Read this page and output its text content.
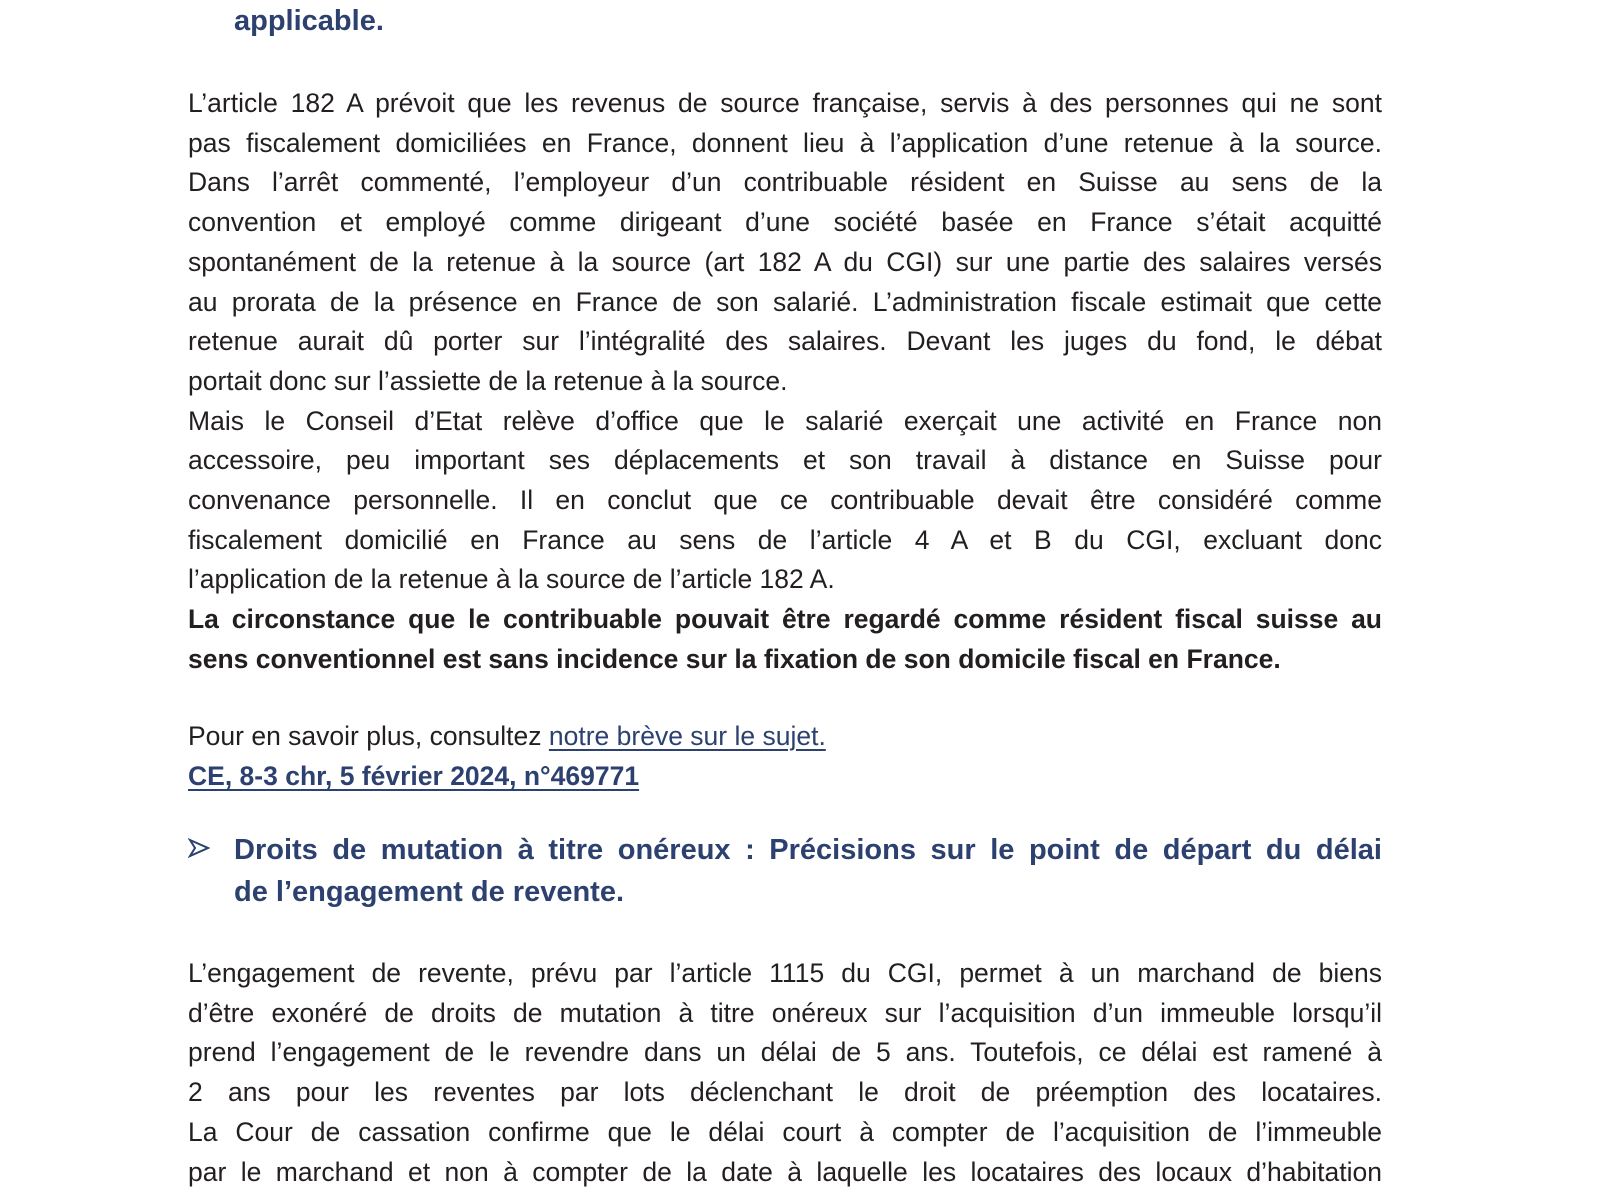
applicable.
L’article 182 A prévoit que les revenus de source française, servis à des personnes qui ne sont
pas fiscalement domiciliées en France, donnent lieu à l’application d’une retenue à la source.
Dans l’arrêt commenté, l’employeur d’un contribuable résident en Suisse au sens de la
convention et employé comme dirigeant d’une société basée en France s’était acquitté
spontanément de la retenue à la source (art 182 A du CGI) sur une partie des salaires versés
au prorata de la présence en France de son salarié. L’administration fiscale estimait que cette
retenue aurait dû porter sur l’intégralité des salaires. Devant les juges du fond, le débat
portait donc sur l’assiette de la retenue à la source.
Mais le Conseil d’Etat relève d’office que le salarié exerçait une activité en France non
accessoire, peu important ses déplacements et son travail à distance en Suisse pour
convenance personnelle. Il en conclut que ce contribuable devait être considéré comme
fiscalement domicilié en France au sens de l’article 4 A et B du CGI, excluant donc
l’application de la retenue à la source de l’article 182 A.
La circonstance que le contribuable pouvait être regardé comme résident fiscal suisse au
sens conventionnel est sans incidence sur la fixation de son domicile fiscal en France.
Pour en savoir plus, consultez notre brève sur le sujet.
CE, 8-3 chr, 5 février 2024, n°469771
Droits de mutation à titre onéreux : Précisions sur le point de départ du délai
de l’engagement de revente.
L’engagement de revente, prévu par l’article 1115 du CGI, permet à un marchand de biens
d’être exonéré de droits de mutation à titre onéreux sur l’acquisition d’un immeuble lorsqu’il
prend l’engagement de le revendre dans un délai de 5 ans. Toutefois, ce délai est ramené à
2 ans pour les reventes par lots déclenchant le droit de préemption des locataires.
La Cour de cassation confirme que le délai court à compter de l’acquisition de l’immeuble
par le marchand et non à compter de la date à laquelle les locataires des locaux d’habitation
